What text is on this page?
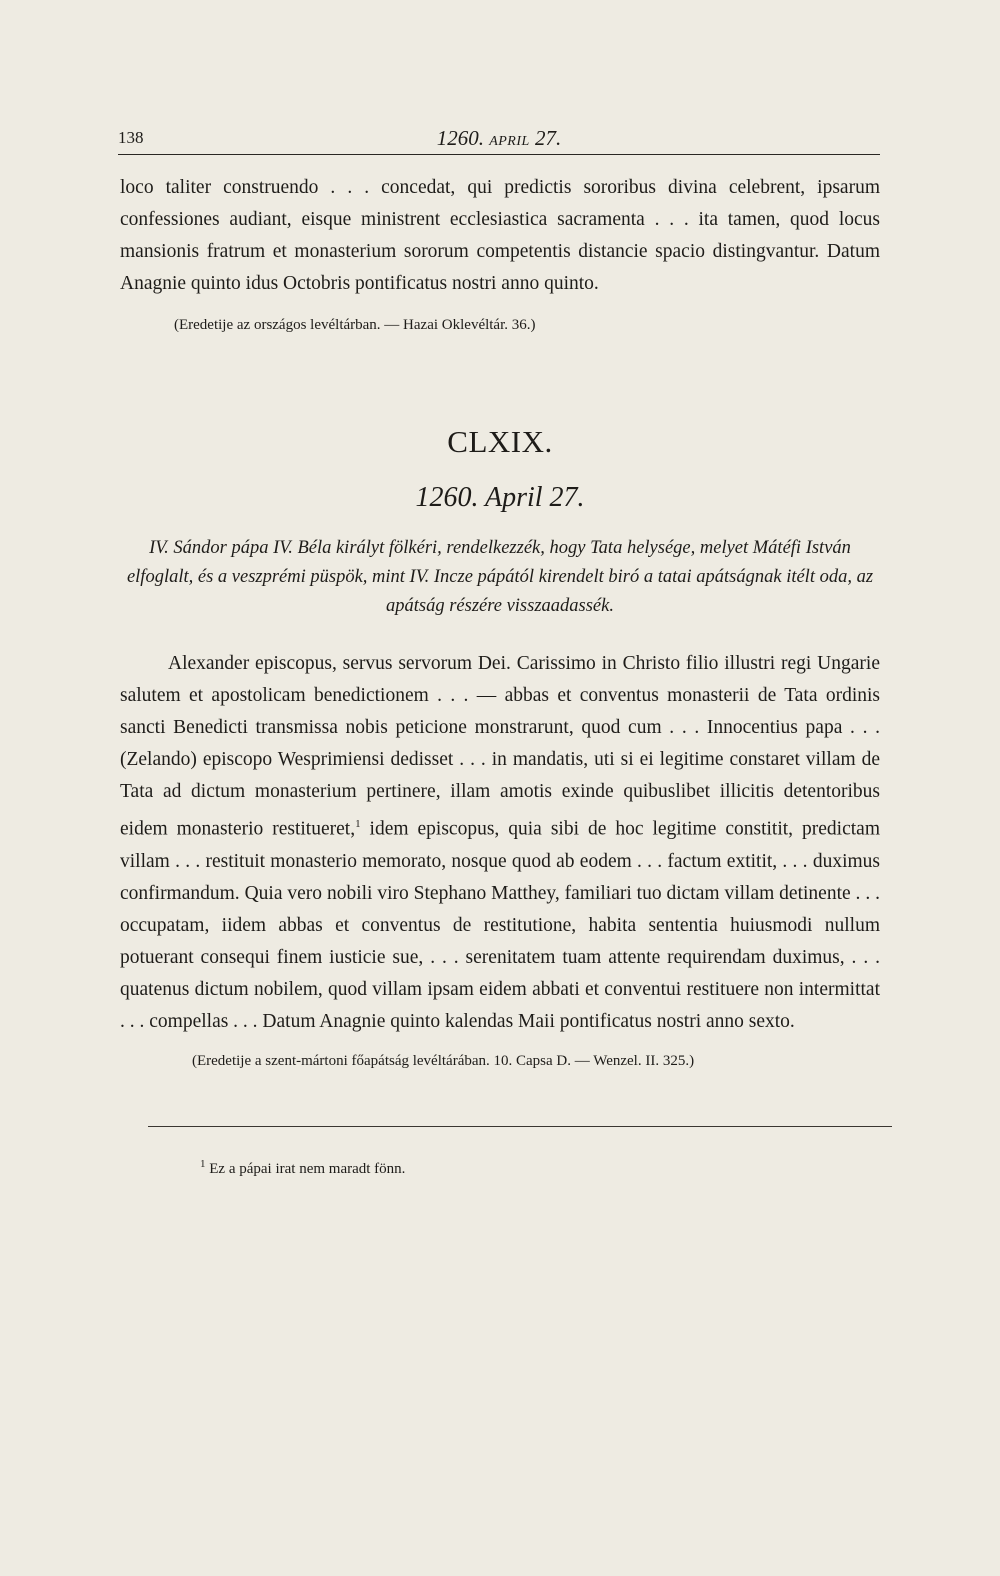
138	1260. APRIL 27.

loco taliter construendo . . . concedat, qui predictis sororibus divina celebrent, ipsarum confessiones audiant, eisque ministrent ecclesiastica sacramenta . . . ita tamen, quod locus mansionis fratrum et monasterium sororum competentis distancie spacio distingvantur. Datum Anagnie quinto idus Octobris pontificatus nostri anno quinto.

(Eredetije az országos levéltárban. — Hazai Oklevéltár. 36.)

CLXIX.
1260. April 27.

IV. Sándor pápa IV. Béla királyt fölkéri, rendelkezzék, hogy Tata helysége, melyet Mátéfi István elfoglalt, és a veszprémi püspök, mint IV. Incze pápától kirendelt biró a tatai apátságnak itélt oda, az apátság részére visszaadassék.

Alexander episcopus, servus servorum Dei. Carissimo in Christo filio illustri regi Ungarie salutem et apostolicam benedictionem . . . — abbas et conventus monasterii de Tata ordinis sancti Benedicti transmissa nobis peticione monstrarunt, quod cum . . . Innocentius papa . . . (Zelando) episcopo Wesprimiensi dedisset . . . in mandatis, uti si ei legitime constaret villam de Tata ad dictum monasterium pertinere, illam amotis exinde quibuslibet illicitis detentoribus eidem monasterio restitueret,$^1$ idem episcopus, quia sibi de hoc legitime constitit, predictam villam . . . restituit monasterio memorato, nosque quod ab eodem . . . factum extitit, . . . duximus confirmandum. Quia vero nobili viro Stephano Matthey, familiari tuo dictam villam detinente . . . occupatam, iidem abbas et conventus de restitutione, habita sententia huiusmodi nullum potuerant consequi finem iusticie sue, . . . serenitatem tuam attente requirendam duximus, . . . quatenus dictum nobilem, quod villam ipsam eidem abbati et conventui restituere non intermittat . . . compellas . . . Datum Anagnie quinto kalendas Maii pontificatus nostri anno sexto.

(Eredetije a szent-mártoni főapátság levéltárában. 10. Capsa D. — Wenzel. II. 325.)

$^1$ Ez a pápai irat nem maradt fönn.
